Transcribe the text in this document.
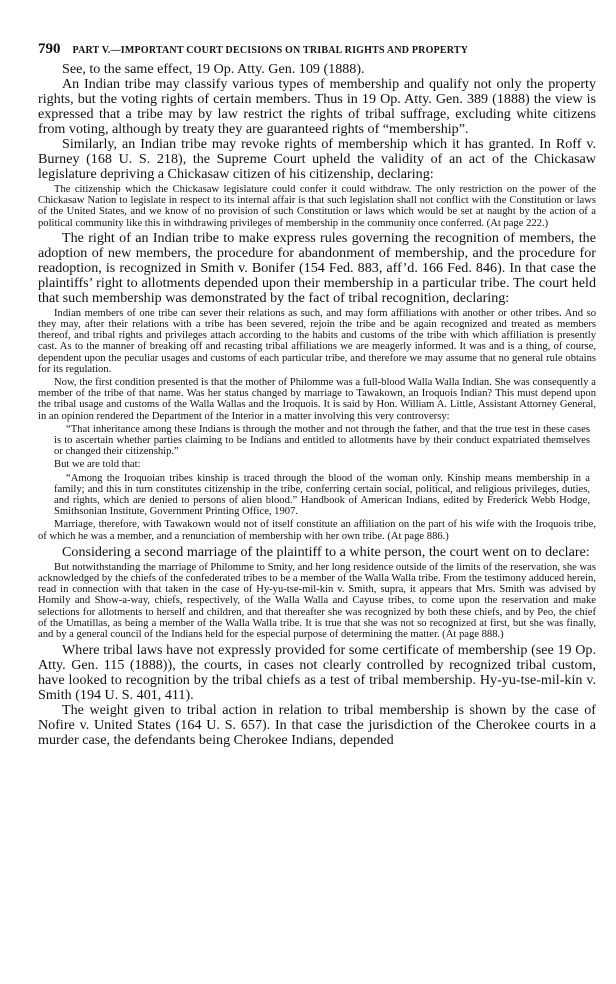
790 PART V.—IMPORTANT COURT DECISIONS ON TRIBAL RIGHTS AND PROPERTY

See, to the same effect, 19 Op. Atty. Gen. 109 (1888).

An Indian tribe may classify various types of membership and qualify not only the property rights, but the voting rights of certain members. Thus in 19 Op. Atty. Gen. 389 (1888) the view is expressed that a tribe may by law restrict the rights of tribal suffrage, excluding white citizens from voting, although by treaty they are guaranteed rights of “membership”.

Similarly, an Indian tribe may revoke rights of membership which it has granted. In Roff v. Burney (168 U. S. 218), the Supreme Court upheld the validity of an act of the Chickasaw legislature depriving a Chickasaw citizen of his citizenship, declaring:

The citizenship which the Chickasaw legislature could confer it could withdraw. The only restriction on the power of the Chickasaw Nation to legislate in respect to its internal affair is that such legislation shall not conflict with the Constitution or laws of the United States, and we know of no provision of such Constitution or laws which would be set at naught by the action of a political community like this in withdrawing privileges of membership in the community once conferred. (At page 222.)

The right of an Indian tribe to make express rules governing the recognition of members, the adoption of new members, the procedure for abandonment of membership, and the procedure for readoption, is recognized in Smith v. Bonifer (154 Fed. 883, aff’d. 166 Fed. 846). In that case the plaintiffs’ right to allotments depended upon their membership in a particular tribe. The court held that such membership was demonstrated by the fact of tribal recognition, declaring:

Indian members of one tribe can sever their relations as such, and may form affiliations with another or other tribes. And so they may, after their relations with a tribe has been severed, rejoin the tribe and be again recognized and treated as members thereof, and tribal rights and privileges attach according to the habits and customs of the tribe with which affiliation is presently cast. As to the manner of breaking off and recasting tribal affiliations we are meagerly informed. It was and is a thing, of course, dependent upon the peculiar usages and customs of each particular tribe, and therefore we may assume that no general rule obtains for its regulation.

Now, the first condition presented is that the mother of Philomme was a full-blood Walla Walla Indian. She was consequently a member of the tribe of that name. Was her status changed by marriage to Tawakown, an Iroquois Indian? This must depend upon the tribal usage and customs of the Walla Wallas and the Iroquois. It is said by Hon. William A. Little, Assistant Attorney General, in an opinion rendered the Department of the Interior in a matter involving this very controversy:

“That inheritance among these Indians is through the mother and not through the father, and that the true test in these cases is to ascertain whether parties claiming to be Indians and entitled to allotments have by their conduct expatriated themselves or changed their citizenship.”

But we are told that:

“Among the Iroquoian tribes kinship is traced through the blood of the woman only. Kinship means membership in a family; and this in turn constitutes citizenship in the tribe, conferring certain social, political, and religious privileges, duties, and rights, which are denied to persons of alien blood.” Handbook of American Indians, edited by Frederick Webb Hodge, Smithsonian Institute, Government Printing Office, 1907.

Marriage, therefore, with Tawakown would not of itself constitute an affiliation on the part of his wife with the Iroquois tribe, of which he was a member, and a renunciation of membership with her own tribe. (At page 886.)

Considering a second marriage of the plaintiff to a white person, the court went on to declare:

But notwithstanding the marriage of Philomme to Smity, and her long residence outside of the limits of the reservation, she was acknowledged by the chiefs of the confederated tribes to be a member of the Walla Walla tribe. From the testimony adduced herein, read in connection with that taken in the case of Hy-yu-tse-mil-kin v. Smith, supra, it appears that Mrs. Smith was advised by Homily and Show-a-way, chiefs, respectively, of the Walla Walla and Cayuse tribes, to come upon the reservation and make selections for allotments to herself and children, and that thereafter she was recognized by both these chiefs, and by Peo, the chief of the Umatillas, as being a member of the Walla Walla tribe. It is true that she was not so recognized at first, but she was finally, and by a general council of the Indians held for the especial purpose of determining the matter. (At page 888.)

Where tribal laws have not expressly provided for some certificate of membership (see 19 Op. Atty. Gen. 115 (1888)), the courts, in cases not clearly controlled by recognized tribal custom, have looked to recognition by the tribal chiefs as a test of tribal membership. Hy-yu-tse-mil-kin v. Smith (194 U. S. 401, 411).

The weight given to tribal action in relation to tribal membership is shown by the case of Nofire v. United States (164 U. S. 657). In that case the jurisdiction of the Cherokee courts in a murder case, the defendants being Cherokee Indians, depended
